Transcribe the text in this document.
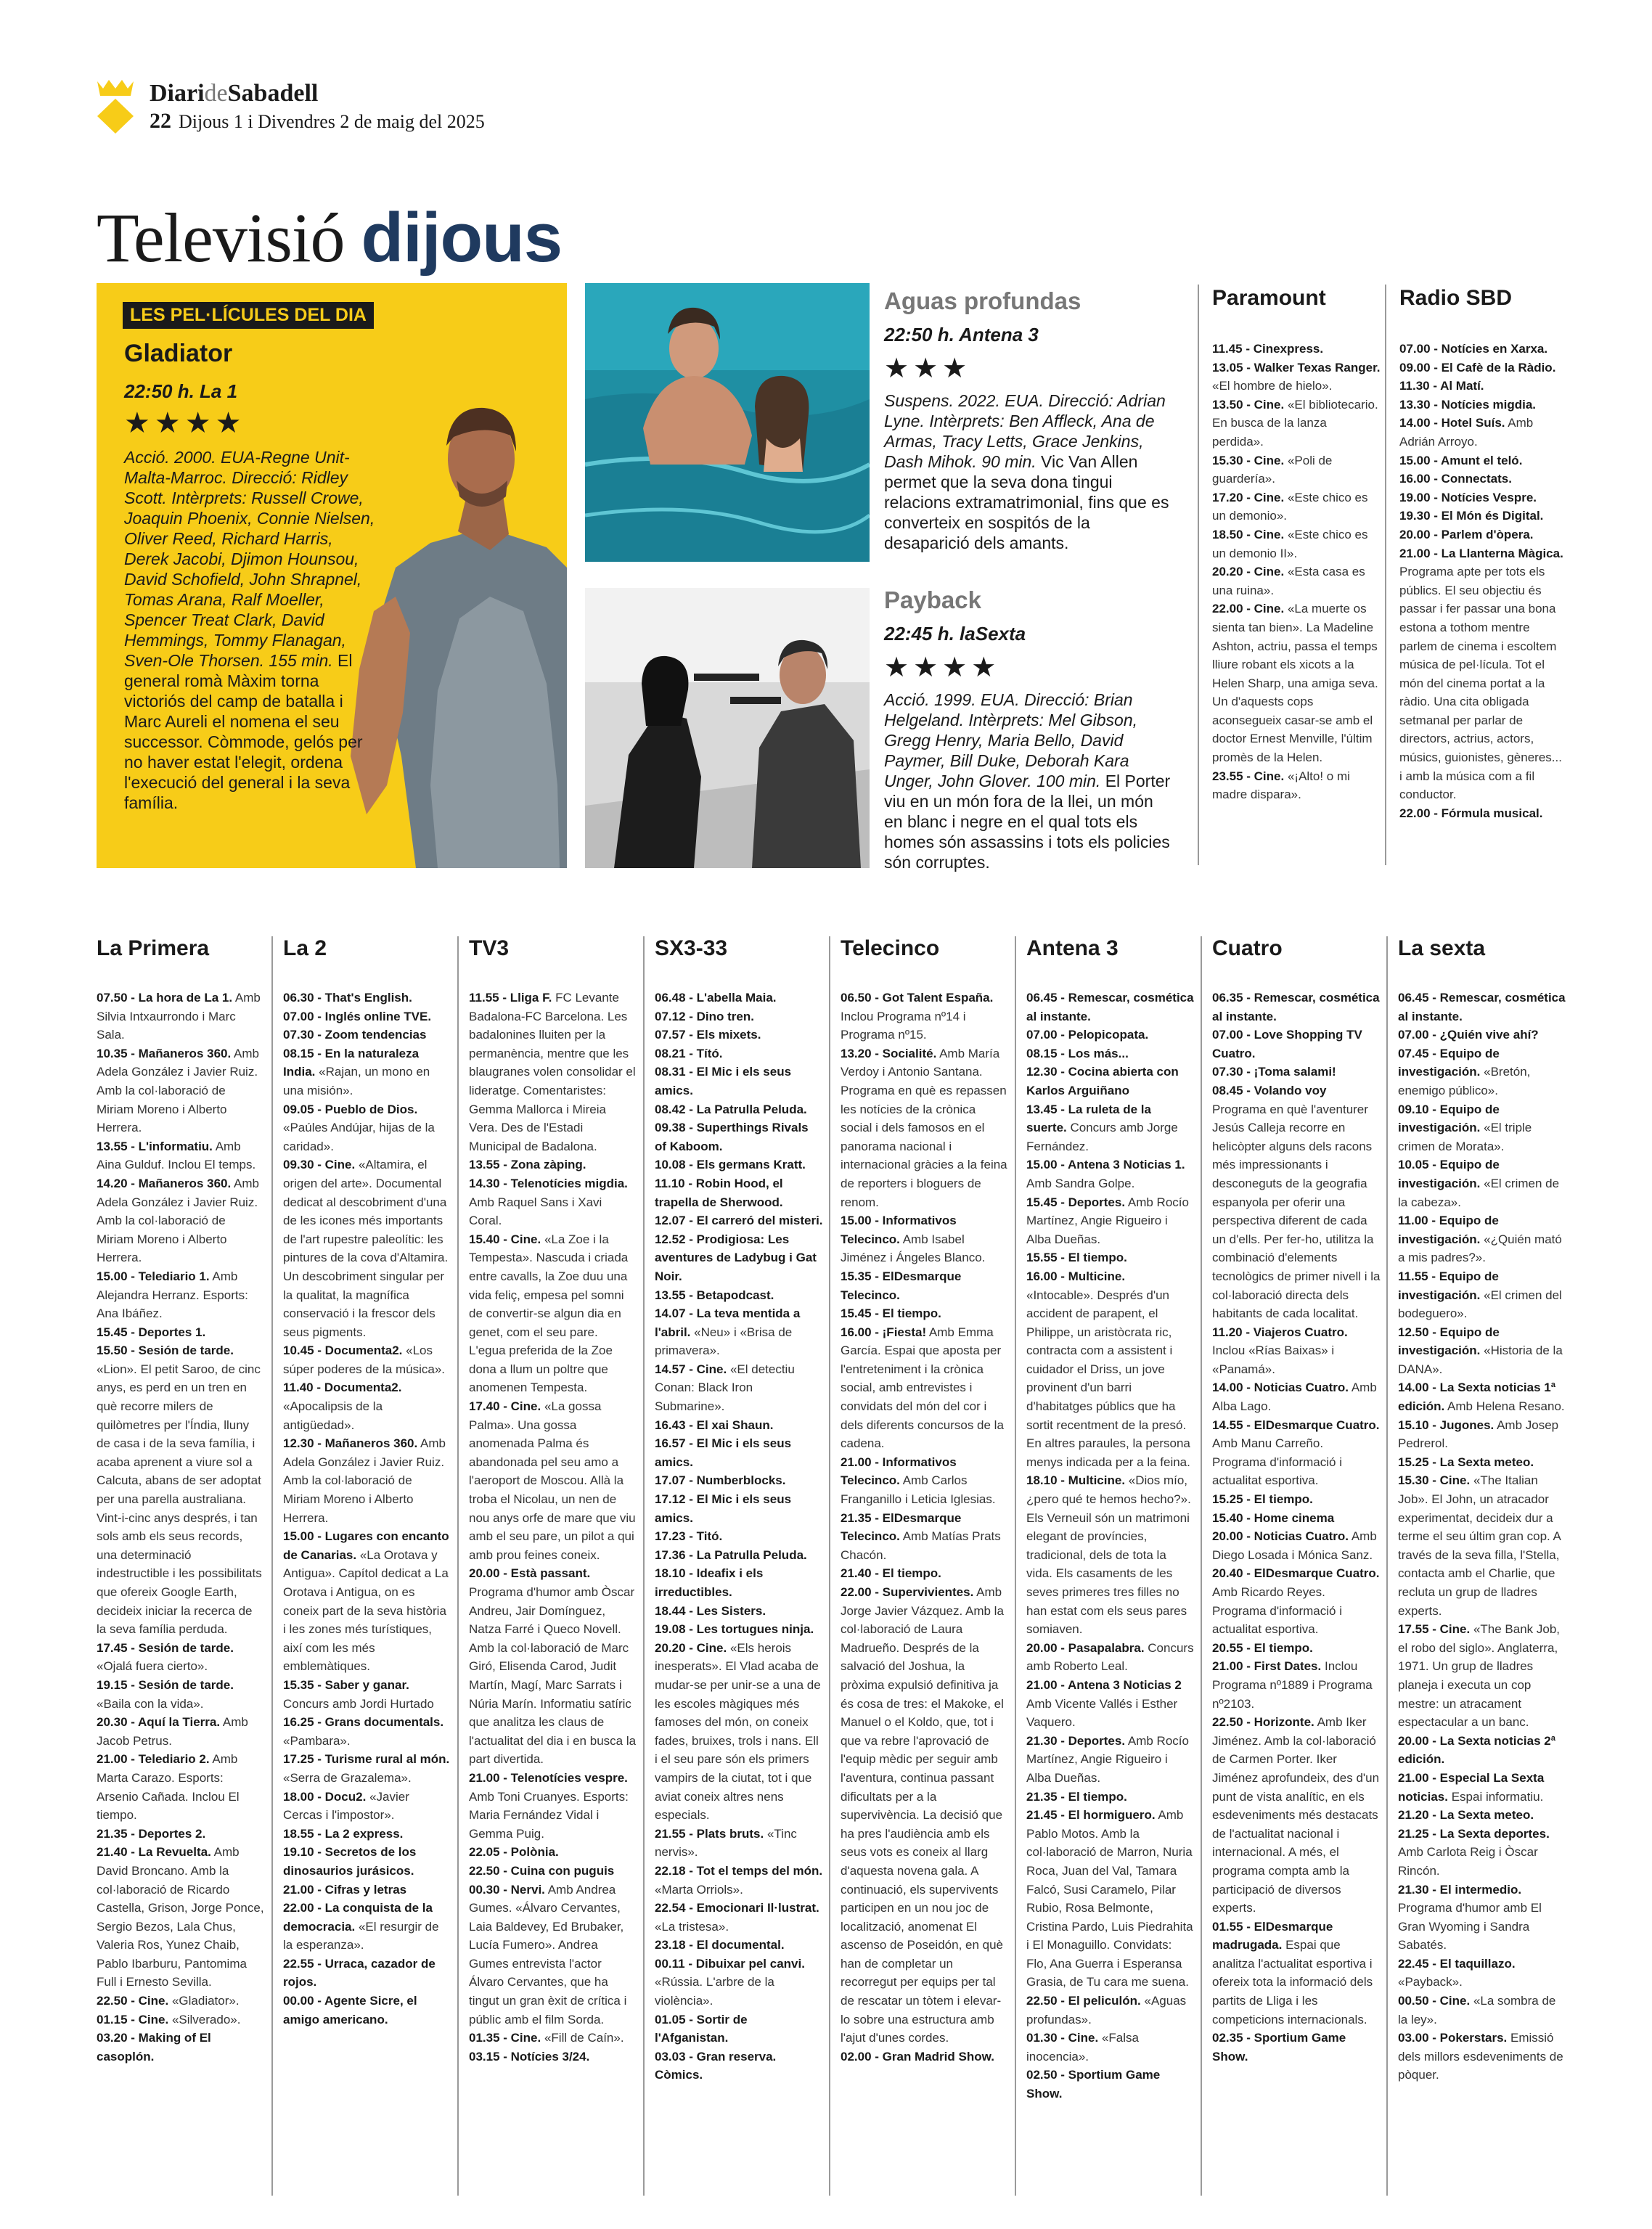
DiarideSabadell
22 Dijous 1 i Divendres 2 de maig del 2025
Televisió dijous
LES PEL·LÍCULES DEL DIA
Gladiator
22:50 h. La 1
★★★★
Acció. 2000. EUA-Regne Unit-Malta-Marroc. Direcció: Ridley Scott. Intèrprets: Russell Crowe, Joaquin Phoenix, Connie Nielsen, Oliver Reed, Richard Harris, Derek Jacobi, Djimon Hounsou, David Schofield, John Shrapnel, Tomas Arana, Ralf Moeller, Spencer Treat Clark, David Hemmings, Tommy Flanagan, Sven-Ole Thorsen. 155 min. El general romà Màxim torna victoriós del camp de batalla i Marc Aureli el nomena el seu successor. Còmmode, gelós per no haver estat l'elegit, ordena l'execució del general i la seva família.
Aguas profundas
22:50 h. Antena 3
★★★
Suspens. 2022. EUA. Direcció: Adrian Lyne. Intèrprets: Ben Affleck, Ana de Armas, Tracy Letts, Grace Jenkins, Dash Mihok. 90 min. Vic Van Allen permet que la seva dona tingui relacions extramatrimonial, fins que es converteix en sospitós de la desaparició dels amants.
Payback
22:45 h. laSexta
★★★★
Acció. 1999. EUA. Direcció: Brian Helgeland. Intèrprets: Mel Gibson, Gregg Henry, Maria Bello, David Paymer, Bill Duke, Deborah Kara Unger, John Glover. 100 min. El Porter viu en un món fora de la llei, un món en blanc i negre en el qual tots els homes són assassins i tots els policies són corruptes.
Paramount
11.45 - Cinexpress.
13.05 - Walker Texas Ranger. «El hombre de hielo».
13.50 - Cine. «El bibliotecario. En busca de la lanza perdida».
15.30 - Cine. «Poli de guardería».
17.20 - Cine. «Este chico es un demonio».
18.50 - Cine. «Este chico es un demonio II».
20.20 - Cine. «Esta casa es una ruina».
22.00 - Cine. «La muerte os sienta tan bien». La Madeline Ashton, actriu, passa el temps lliure robant els xicots a la Helen Sharp, una amiga seva. Un d'aquests cops aconsegueix casar-se amb el doctor Ernest Menville, l'últim promès de la Helen.
23.55 - Cine. «¡Alto! o mi madre dispara».
Radio SBD
07.00 - Notícies en Xarxa.
09.00 - El Cafè de la Ràdio.
11.30 - Al Matí.
13.30 - Notícies migdia.
14.00 - Hotel Suís. Amb Adrián Arroyo.
15.00 - Amunt el teló.
16.00 - Connectats.
19.00 - Notícies Vespre.
19.30 - El Món és Digital.
20.00 - Parlem d'òpera.
21.00 - La Llanterna Màgica. Programa apte per tots els públics. El seu objectiu és passar i fer passar una bona estona a tothom mentre parlem de cinema i escoltem música de pel·lícula. Tot el món del cinema portat a la ràdio. Una cita obligada setmanal per parlar de directors, actrius, actors, músics, guionistes, gèneres... i amb la música com a fil conductor.
22.00 - Fórmula musical.
La Primera
07.50 - La hora de La 1. Amb Silvia Intxaurrondo i Marc Sala.
10.35 - Mañaneros 360. Amb Adela González i Javier Ruiz. Amb la col·laboració de Miriam Moreno i Alberto Herrera.
13.55 - L'informatiu. Amb Aina Gulduf. Inclou El temps.
14.20 - Mañaneros 360. Amb Adela González i Javier Ruiz. Amb la col·laboració de Miriam Moreno i Alberto Herrera.
15.00 - Telediario 1. Amb Alejandra Herranz. Esports: Ana Ibáñez.
15.45 - Deportes 1.
15.50 - Sesión de tarde. «Lion». El petit Saroo, de cinc anys, es perd en un tren en què recorre milers de quilòmetres per l'Índia, lluny de casa i de la seva família, i acaba aprenent a viure sol a Calcuta, abans de ser adoptat per una parella australiana. Vint-i-cinc anys després, i tan sols amb els seus records, una determinació indestructible i les possibilitats que ofereix Google Earth, decideix iniciar la recerca de la seva família perduda.
17.45 - Sesión de tarde. «Ojalá fuera cierto».
19.15 - Sesión de tarde. «Baila con la vida».
20.30 - Aquí la Tierra. Amb Jacob Petrus.
21.00 - Telediario 2. Amb Marta Carazo. Esports: Arsenio Cañada. Inclou El tiempo.
21.35 - Deportes 2.
21.40 - La Revuelta. Amb David Broncano. Amb la col·laboració de Ricardo Castella, Grison, Jorge Ponce, Sergio Bezos, Lala Chus, Valeria Ros, Yunez Chaib, Pablo Ibarburu, Pantomima Full i Ernesto Sevilla.
22.50 - Cine. «Gladiator».
01.15 - Cine. «Silverado».
03.20 - Making of El casoplón.
La 2
06.30 - That's English.
07.00 - Inglés online TVE.
07.30 - Zoom tendencias
08.15 - En la naturaleza India. «Rajan, un mono en una misión».
09.05 - Pueblo de Dios. «Paúles Andújar, hijas de la caridad».
09.30 - Cine. «Altamira, el origen del arte». Documental dedicat al descobriment d'una de les icones més importants de l'art rupestre paleolític: les pintures de la cova d'Altamira. Un descobriment singular per la qualitat, la magnífica conservació i la frescor dels seus pigments.
10.45 - Documenta2. «Los súper poderes de la música».
11.40 - Documenta2. «Apocalipsis de la antigüedad».
12.30 - Mañaneros 360. Amb Adela González i Javier Ruiz. Amb la col·laboració de Miriam Moreno i Alberto Herrera.
15.00 - Lugares con encanto de Canarias. «La Orotava y Antigua». Capítol dedicat a La Orotava i Antigua, on es coneix part de la seva història i les zones més turístiques, així com les més emblemàtiques.
15.35 - Saber y ganar. Concurs amb Jordi Hurtado
16.25 - Grans documentals. «Pambara».
17.25 - Turisme rural al món. «Serra de Grazalema».
18.00 - Docu2. «Javier Cercas i l'impostor».
18.55 - La 2 express.
19.10 - Secretos de los dinosaurios jurásicos.
21.00 - Cifras y letras
22.00 - La conquista de la democracia. «El resurgir de la esperanza».
22.55 - Urraca, cazador de rojos.
00.00 - Agente Sicre, el amigo americano.
TV3
11.55 - Lliga F. FC Levante Badalona-FC Barcelona. Les badalonines lluiten per la permanència, mentre que les blaugranes volen consolidar el lideratge. Comentaristes: Gemma Mallorca i Mireia Vera. Des de l'Estadi Municipal de Badalona.
13.55 - Zona zàping.
14.30 - Telenotícies migdia. Amb Raquel Sans i Xavi Coral.
15.40 - Cine. «La Zoe i la Tempesta». Nascuda i criada entre cavalls, la Zoe duu una vida feliç, empesa pel somni de convertir-se algun dia en genet, com el seu pare. L'egua preferida de la Zoe dona a llum un poltre que anomenen Tempesta.
17.40 - Cine. «La gossa Palma». Una gossa anomenada Palma és abandonada pel seu amo a l'aeroport de Moscou. Allà la troba el Nicolau, un nen de nou anys orfe de mare que viu amb el seu pare, un pilot a qui amb prou feines coneix.
20.00 - Està passant. Programa d'humor amb Òscar Andreu, Jair Domínguez, Natza Farré i Queco Novell. Amb la col·laboració de Marc Giró, Elisenda Carod, Judit Martín, Magí, Marc Sarrats i Núria Marín. Informatiu satíric que analitza les claus de l'actualitat del dia i en busca la part divertida.
21.00 - Telenotícies vespre. Amb Toni Cruanyes. Esports: Maria Fernández Vidal i Gemma Puig.
22.05 - Polònia.
22.50 - Cuina con puguis
00.30 - Nervi. Amb Andrea Gumes. «Álvaro Cervantes, Laia Baldevey, Ed Brubaker, Lucía Fumero». Andrea Gumes entrevista l'actor Álvaro Cervantes, que ha tingut un gran èxit de crítica i públic amb el film Sorda.
01.35 - Cine. «Fill de Caín».
03.15 - Notícies 3/24.
SX3-33
06.48 - L'abella Maia.
07.12 - Dino tren.
07.57 - Els mixets.
08.21 - Tító.
08.31 - El Mic i els seus amics.
08.42 - La Patrulla Peluda.
09.38 - Superthings Rivals of Kaboom.
10.08 - Els germans Kratt.
11.10 - Robin Hood, el trapella de Sherwood.
12.07 - El carreró del misteri.
12.52 - Prodigiosa: Les aventures de Ladybug i Gat Noir.
13.55 - Betapodcast.
14.07 - La teva mentida a l'abril. «Neu» i «Brisa de primavera».
14.57 - Cine. «El detectiu Conan: Black Iron Submarine».
16.43 - El xai Shaun.
16.57 - El Mic i els seus amics.
17.07 - Numberblocks.
17.12 - El Mic i els seus amics.
17.23 - Titó.
17.36 - La Patrulla Peluda.
18.10 - Ideafix i els irreductibles.
18.44 - Les Sisters.
19.08 - Les tortugues ninja.
20.20 - Cine. «Els herois inesperats». El Vlad acaba de mudar-se per unir-se a una de les escoles màgiques més famoses del món, on coneix fades, bruixes, trols i nans. Ell i el seu pare són els primers vampirs de la ciutat, tot i que aviat coneix altres nens especials.
21.55 - Plats bruts. «Tinc nervis».
22.18 - Tot el temps del món. «Marta Orriols».
22.54 - Emocionari Il·lustrat. «La tristesa».
23.18 - El documental.
00.11 - Dibuixar pel canvi. «Rússia. L'arbre de la violència».
01.05 - Sortir de l'Afganistan.
03.03 - Gran reserva. Còmics.
Telecinco
06.50 - Got Talent España. Inclou Programa nº14 i Programa nº15.
13.20 - Socialité. Amb María Verdoy i Antonio Santana. Programa en què es repassen les notícies de la crònica social i dels famosos en el panorama nacional i internacional gràcies a la feina de reporters i bloguers de renom.
15.00 - Informativos Telecinco. Amb Isabel Jiménez i Ángeles Blanco.
15.35 - ElDesmarque Telecinco.
15.45 - El tiempo.
16.00 - ¡Fiesta! Amb Emma García. Espai que aposta per l'entreteniment i la crònica social, amb entrevistes i convidats del món del cor i dels diferents concursos de la cadena.
21.00 - Informativos Telecinco. Amb Carlos Franganillo i Leticia Iglesias.
21.35 - ElDesmarque Telecinco. Amb Matías Prats Chacón.
21.40 - El tiempo.
22.00 - Supervivientes. Amb Jorge Javier Vázquez. Amb la col·laboració de Laura Madrueño. Després de la salvació del Joshua, la pròxima expulsió definitiva ja és cosa de tres: el Makoke, el Manuel o el Koldo, que, tot i que va rebre l'aprovació de l'equip mèdic per seguir amb l'aventura, continua passant dificultats per a la supervivència. La decisió que ha pres l'audiència amb els seus vots es coneix al llarg d'aquesta novena gala. A continuació, els supervivents participen en un nou joc de localització, anomenat El ascenso de Poseidón, en què han de completar un recorregut per equips per tal de rescatar un tòtem i elevar-lo sobre una estructura amb l'ajut d'unes cordes.
02.00 - Gran Madrid Show.
Antena 3
06.45 - Remescar, cosmética al instante.
07.00 - Pelopicopata.
08.15 - Los más...
12.30 - Cocina abierta con Karlos Arguiñano
13.45 - La ruleta de la suerte. Concurs amb Jorge Fernández.
15.00 - Antena 3 Noticias 1. Amb Sandra Golpe.
15.45 - Deportes. Amb Rocío Martínez, Angie Rigueiro i Alba Dueñas.
15.55 - El tiempo.
16.00 - Multicine. «Intocable». Després d'un accident de parapent, el Philippe, un aristòcrata ric, contracta com a assistent i cuidador el Driss, un jove provinent d'un barri d'habitatges públics que ha sortit recentment de la presó. En altres paraules, la persona menys indicada per a la feina.
18.10 - Multicine. «Dios mío, ¿pero qué te hemos hecho?». Els Verneuil són un matrimoni elegant de províncies, tradicional, dels de tota la vida. Els casaments de les seves primeres tres filles no han estat com els seus pares somiaven.
20.00 - Pasapalabra. Concurs amb Roberto Leal.
21.00 - Antena 3 Noticias 2 Amb Vicente Vallés i Esther Vaquero.
21.30 - Deportes. Amb Rocío Martínez, Angie Rigueiro i Alba Dueñas.
21.35 - El tiempo.
21.45 - El hormiguero. Amb Pablo Motos. Amb la col·laboració de Marron, Nuria Roca, Juan del Val, Tamara Falcó, Susi Caramelo, Pilar Rubio, Rosa Belmonte, Cristina Pardo, Luis Piedrahita i El Monaguillo. Convidats: Flo, Ana Guerra i Esperansa Grasia, de Tu cara me suena.
22.50 - El peliculón. «Aguas profundas».
01.30 - Cine. «Falsa inocencia».
02.50 - Sportium Game Show.
Cuatro
06.35 - Remescar, cosmética al instante.
07.00 - Love Shopping TV Cuatro.
07.30 - ¡Toma salami!
08.45 - Volando voy Programa en què l'aventurer Jesús Calleja recorre en helicòpter alguns dels racons més impressionants i desconeguts de la geografia espanyola per oferir una perspectiva diferent de cada un d'ells. Per fer-ho, utilitza la combinació d'elements tecnològics de primer nivell i la col·laboració directa dels habitants de cada localitat.
11.20 - Viajeros Cuatro. Inclou «Rías Baixas» i «Panamá».
14.00 - Noticias Cuatro. Amb Alba Lago.
14.55 - ElDesmarque Cuatro. Amb Manu Carreño. Programa d'informació i actualitat esportiva.
15.25 - El tiempo.
15.40 - Home cinema
20.00 - Noticias Cuatro. Amb Diego Losada i Mónica Sanz.
20.40 - ElDesmarque Cuatro. Amb Ricardo Reyes. Programa d'informació i actualitat esportiva.
20.55 - El tiempo.
21.00 - First Dates. Inclou Programa nº1889 i Programa nº2103.
22.50 - Horizonte. Amb Iker Jiménez. Amb la col·laboració de Carmen Porter. Iker Jiménez aprofundeix, des d'un punt de vista analític, en els esdeveniments més destacats de l'actualitat nacional i internacional. A més, el programa compta amb la participació de diversos experts.
01.55 - ElDesmarque madrugada. Espai que analitza l'actualitat esportiva i ofereix tota la informació dels partits de Lliga i les competicions internacionals.
02.35 - Sportium Game Show.
La sexta
06.45 - Remescar, cosmética al instante.
07.00 - ¿Quién vive ahí?
07.45 - Equipo de investigación. «Bretón, enemigo público».
09.10 - Equipo de investigación. «El triple crimen de Morata».
10.05 - Equipo de investigación. «El crimen de la cabeza».
11.00 - Equipo de investigación. «¿Quién mató a mis padres?».
11.55 - Equipo de investigación. «El crimen del bodeguero».
12.50 - Equipo de investigación. «Historia de la DANA».
14.00 - La Sexta noticias 1ª edición. Amb Helena Resano.
15.10 - Jugones. Amb Josep Pedrerol.
15.25 - La Sexta meteo.
15.30 - Cine. «The Italian Job». El John, un atracador experimentat, decideix dur a terme el seu últim gran cop. A través de la seva filla, l'Stella, contacta amb el Charlie, que recluta un grup de lladres experts.
17.55 - Cine. «The Bank Job, el robo del siglo». Anglaterra, 1971. Un grup de lladres planeja i executa un cop mestre: un atracament espectacular a un banc.
20.00 - La Sexta noticias 2ª edición.
21.00 - Especial La Sexta noticias. Espai informatiu.
21.20 - La Sexta meteo.
21.25 - La Sexta deportes. Amb Carlota Reig i Òscar Rincón.
21.30 - El intermedio. Programa d'humor amb El Gran Wyoming i Sandra Sabatés.
22.45 - El taquillazo. «Payback».
00.50 - Cine. «La sombra de la ley».
03.00 - Pokerstars. Emissió dels millors esdeveniments de pòquer.
